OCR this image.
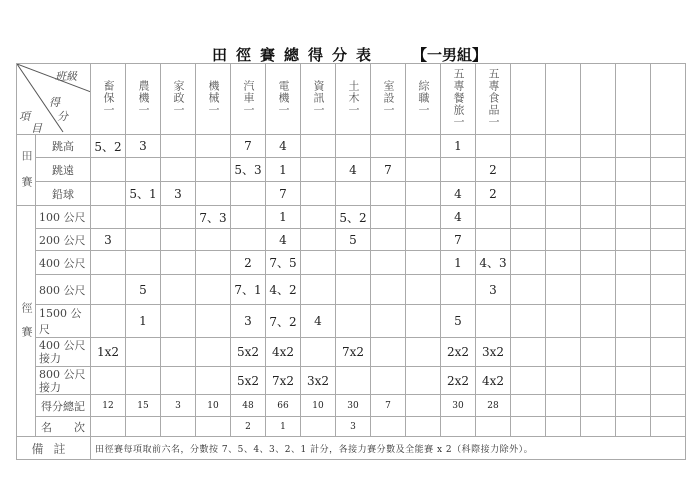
田徑賽總得分表 【一男組】
班級
得
分
項
目		畜保一	農機一	家政一	機械一	汽車一	電機一	資訊一	土木一	室設一	綜職一	五專餐旅一	五專食品一					
田 賽	跳高	5、2	3			7	4					1						
	跳遠					5、3	1		4	7			2					
	鉛球		5、1	3			7					4	2					
徑 賽	100 公尺				7、3		1		5、2			4						
	200 公尺	3					4		5			7						
	400 公尺					2	7、5					1	4、3					
	800 公尺		5			7、1	4、2						3					
	1500 公尺		1			3	7、2	4				5						
	400 公尺接力	1x2				5x2	4x2		7x2			2x2	3x2					
	800 公尺接力					5x2	7x2	3x2				2x2	4x2					
	得分總記	12	15	3	10	48	66	10	30	7		30	28					
	名　　次					2	1		3									
備註		田徑賽每項取前六名，分數按 7、5、4、3、2、1 計分，各接力賽分數及全能賽 x 2（科際接力除外）。																
